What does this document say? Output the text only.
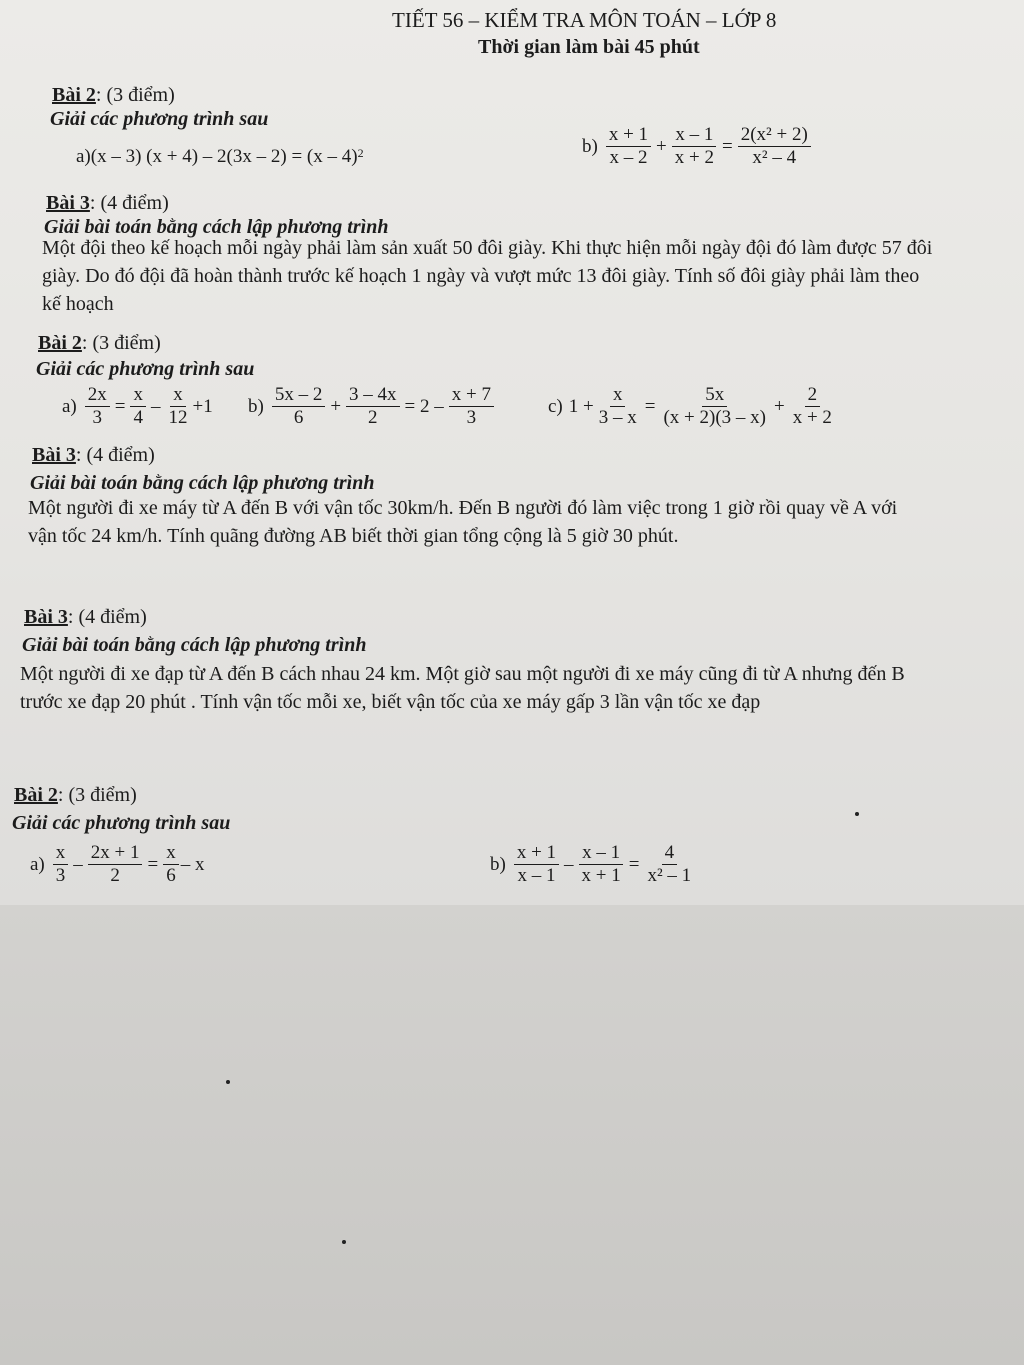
TIẾT 56 – KIỂM TRA MÔN TOÁN – LỚP 8
Thời gian làm bài 45 phút
Bài 2: (3 điểm)
Giải các phương trình sau
a) (x – 3) (x + 4) – 2(3x – 2) = (x – 4) 2	$b) \frac{x + 1}{x - 2} + \frac{x - 1}{x + 2} = \frac{\text{2(x² + 2)}}{\text{x² – 4}}$
Bài 3: (4 điểm)
Giải bài toán bằng cách lập phương trình
Một đội theo kế hoạch mỗi ngày phải làm sản xuất 50 đôi giày. Khi thực hiện mỗi ngày đội đó làm được 57 đôi giày. Do đó đội đã hoàn thành trước kế hoạch 1 ngày và vượt mức 13 đôi giày. Tính số đôi giày phải làm theo kế hoạch
Bài 2: (3 điểm)
Giải các phương trình sau
$a) \frac{2x}{3} = \frac{x}{4} - \frac{x}{12} +1$ $b) \frac{5x - 2}{6} + \frac{3 - 4x}{2} = 2 - \frac{x + 7}{3}$	c) $1 + \frac{x}{3 - x} = \frac{5x}{(x + 2)(3 - x)} + \frac{2}{x + 2}$
Bài 3: (4 điểm)
Giải bài toán bằng cách lập phương trình
Một người đi xe máy từ A đến B với vận tốc 30km/h. Đến B người đó làm việc trong 1 giờ rồi quay về A với vận tốc 24 km/h. Tính quãng đường AB biết thời gian tổng cộng là 5 giờ 30 phút.
Bài 3: (4 điểm)
Giải bài toán bằng cách lập phương trình
Một người đi xe đạp từ A đến B cách nhau 24 km. Một giờ sau một người đi xe máy cũng đi từ A nhưng đến B trước xe đạp 20 phút . Tính vận tốc mỗi xe, biết vận tốc của xe máy gấp 3 lần vận tốc xe đạp
Bài 2: (3 điểm)
Giải các phương trình sau
$a) \frac{x}{3} - \frac{2x + 1}{2} = \frac{x}{6} - x$	$b) \frac{x + 1}{x - 1} - \frac{x - 1}{x + 1} = \frac{4}{\text{x² – 1}}$
